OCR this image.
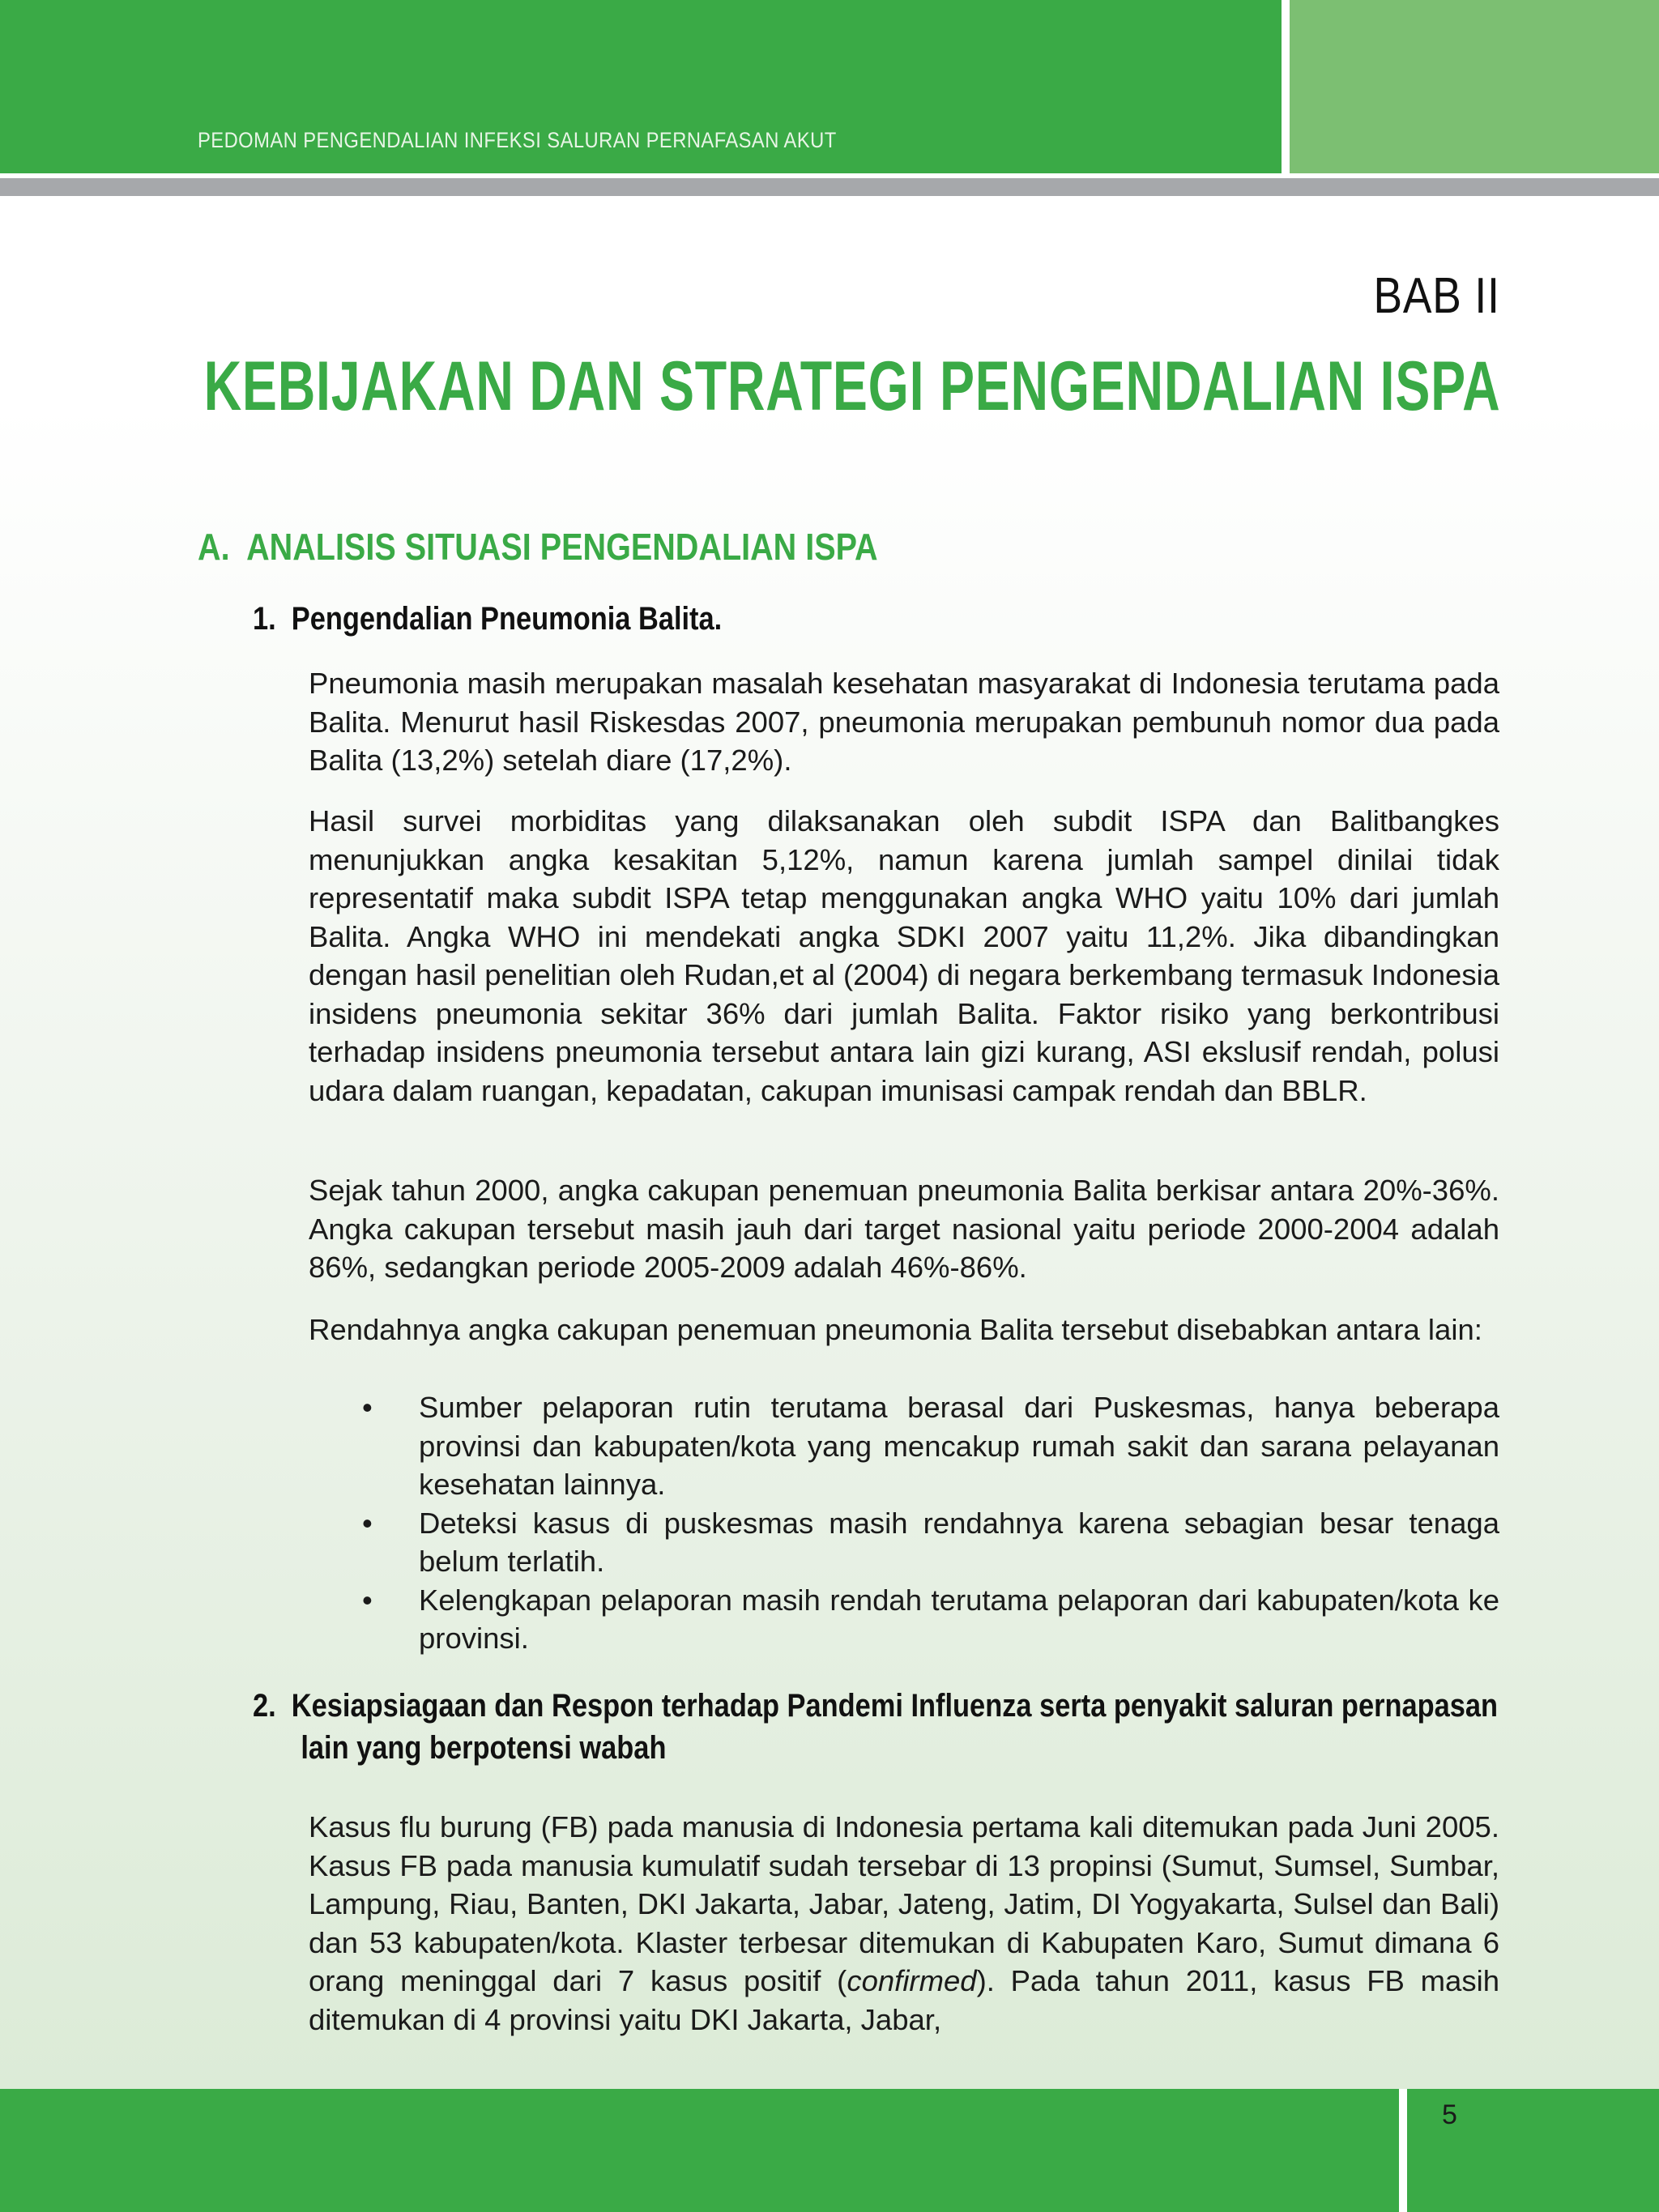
PEDOMAN PENGENDALIAN INFEKSI SALURAN PERNAFASAN AKUT
BAB II
KEBIJAKAN DAN STRATEGI PENGENDALIAN ISPA
A.  ANALISIS SITUASI PENGENDALIAN ISPA
1.  Pengendalian Pneumonia Balita.
Pneumonia masih merupakan masalah kesehatan masyarakat di Indonesia terutama pada Balita. Menurut hasil Riskesdas 2007, pneumonia merupakan pembunuh nomor dua pada Balita (13,2%) setelah diare (17,2%).
Hasil survei morbiditas yang dilaksanakan oleh subdit ISPA dan Balitbangkes menunjukkan angka kesakitan 5,12%, namun karena jumlah sampel dinilai tidak representatif maka subdit ISPA tetap menggunakan angka WHO yaitu 10% dari jumlah Balita. Angka WHO ini mendekati angka SDKI 2007 yaitu 11,2%. Jika dibandingkan dengan hasil penelitian oleh Rudan,et al (2004) di negara berkembang termasuk Indonesia insidens pneumonia sekitar 36% dari jumlah Balita. Faktor risiko yang berkontribusi terhadap insidens pneumonia tersebut antara lain gizi kurang, ASI ekslusif rendah, polusi udara dalam ruangan, kepadatan, cakupan imunisasi campak rendah dan BBLR.
Sejak tahun 2000, angka cakupan penemuan pneumonia Balita berkisar antara 20%-36%. Angka cakupan tersebut masih jauh dari target nasional yaitu periode 2000-2004 adalah 86%, sedangkan periode 2005-2009 adalah 46%-86%.
Rendahnya angka cakupan penemuan pneumonia Balita tersebut disebabkan antara lain:
• Sumber pelaporan rutin terutama berasal dari Puskesmas, hanya beberapa provinsi dan kabupaten/kota yang mencakup rumah sakit dan sarana pelayanan kesehatan lainnya.
• Deteksi kasus di puskesmas masih rendahnya karena sebagian besar tenaga belum terlatih.
• Kelengkapan pelaporan masih rendah terutama pelaporan dari kabupaten/kota ke provinsi.
2.  Kesiapsiagaan dan Respon terhadap Pandemi Influenza serta penyakit saluran pernapasan
lain yang berpotensi wabah
Kasus flu burung (FB) pada manusia di Indonesia pertama kali ditemukan pada Juni 2005. Kasus FB pada manusia kumulatif sudah tersebar di 13 propinsi (Sumut, Sumsel, Sumbar, Lampung, Riau, Banten, DKI Jakarta, Jabar, Jateng, Jatim, DI Yogyakarta, Sulsel dan Bali) dan 53 kabupaten/kota. Klaster terbesar ditemukan di Kabupaten Karo, Sumut dimana 6 orang meninggal dari 7 kasus positif (confirmed). Pada tahun 2011, kasus FB masih ditemukan di 4 provinsi yaitu DKI Jakarta, Jabar,
5
